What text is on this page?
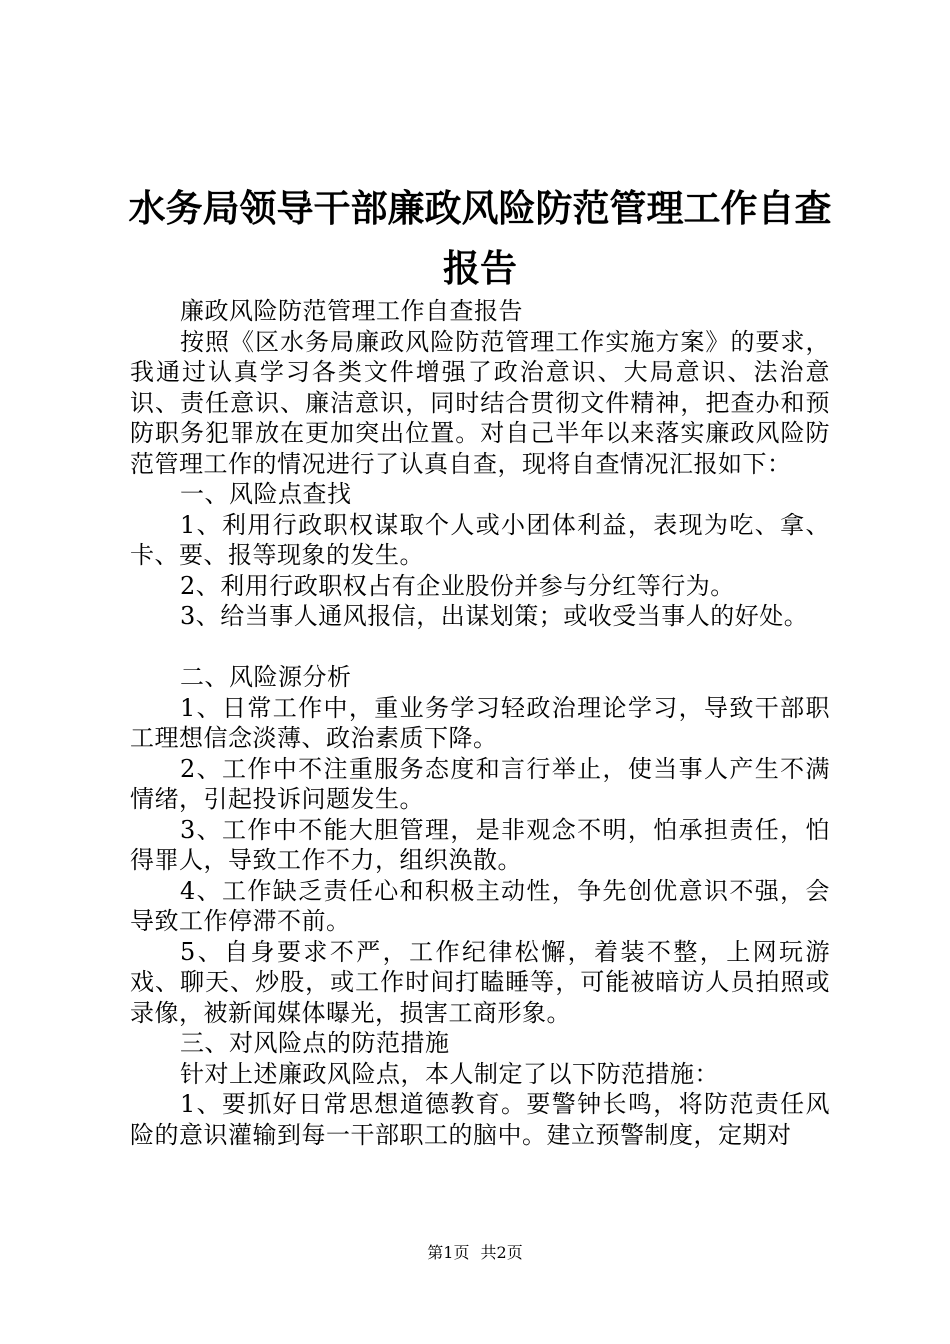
水务局领导干部廉政风险防范管理工作自查报告

廉政风险防范管理工作自查报告

按照《区水务局廉政风险防范管理工作实施方案》的要求，我通过认真学习各类文件增强了政治意识、大局意识、法治意识、责任意识、廉洁意识，同时结合贯彻文件精神，把查办和预防职务犯罪放在更加突出位置。对自己半年以来落实廉政风险防范管理工作的情况进行了认真自查，现将自查情况汇报如下：

一、风险点查找

1、利用行政职权谋取个人或小团体利益，表现为吃、拿、卡、要、报等现象的发生。

2、利用行政职权占有企业股份并参与分红等行为。

3、给当事人通风报信，出谋划策；或收受当事人的好处。

二、风险源分析

1、日常工作中，重业务学习轻政治理论学习，导致干部职工理想信念淡薄、政治素质下降。

2、工作中不注重服务态度和言行举止，使当事人产生不满情绪，引起投诉问题发生。

3、工作中不能大胆管理，是非观念不明，怕承担责任，怕得罪人，导致工作不力，组织涣散。

4、工作缺乏责任心和积极主动性，争先创优意识不强，会导致工作停滞不前。

5、自身要求不严，工作纪律松懈，着装不整，上网玩游戏、聊天、炒股，或工作时间打瞌睡等，可能被暗访人员拍照或录像，被新闻媒体曝光，损害工商形象。

三、对风险点的防范措施

针对上述廉政风险点，本人制定了以下防范措施：

1、要抓好日常思想道德教育。要警钟长鸣，将防范责任风险的意识灌输到每一干部职工的脑中。建立预警制度，定期对

第1页 共2页
